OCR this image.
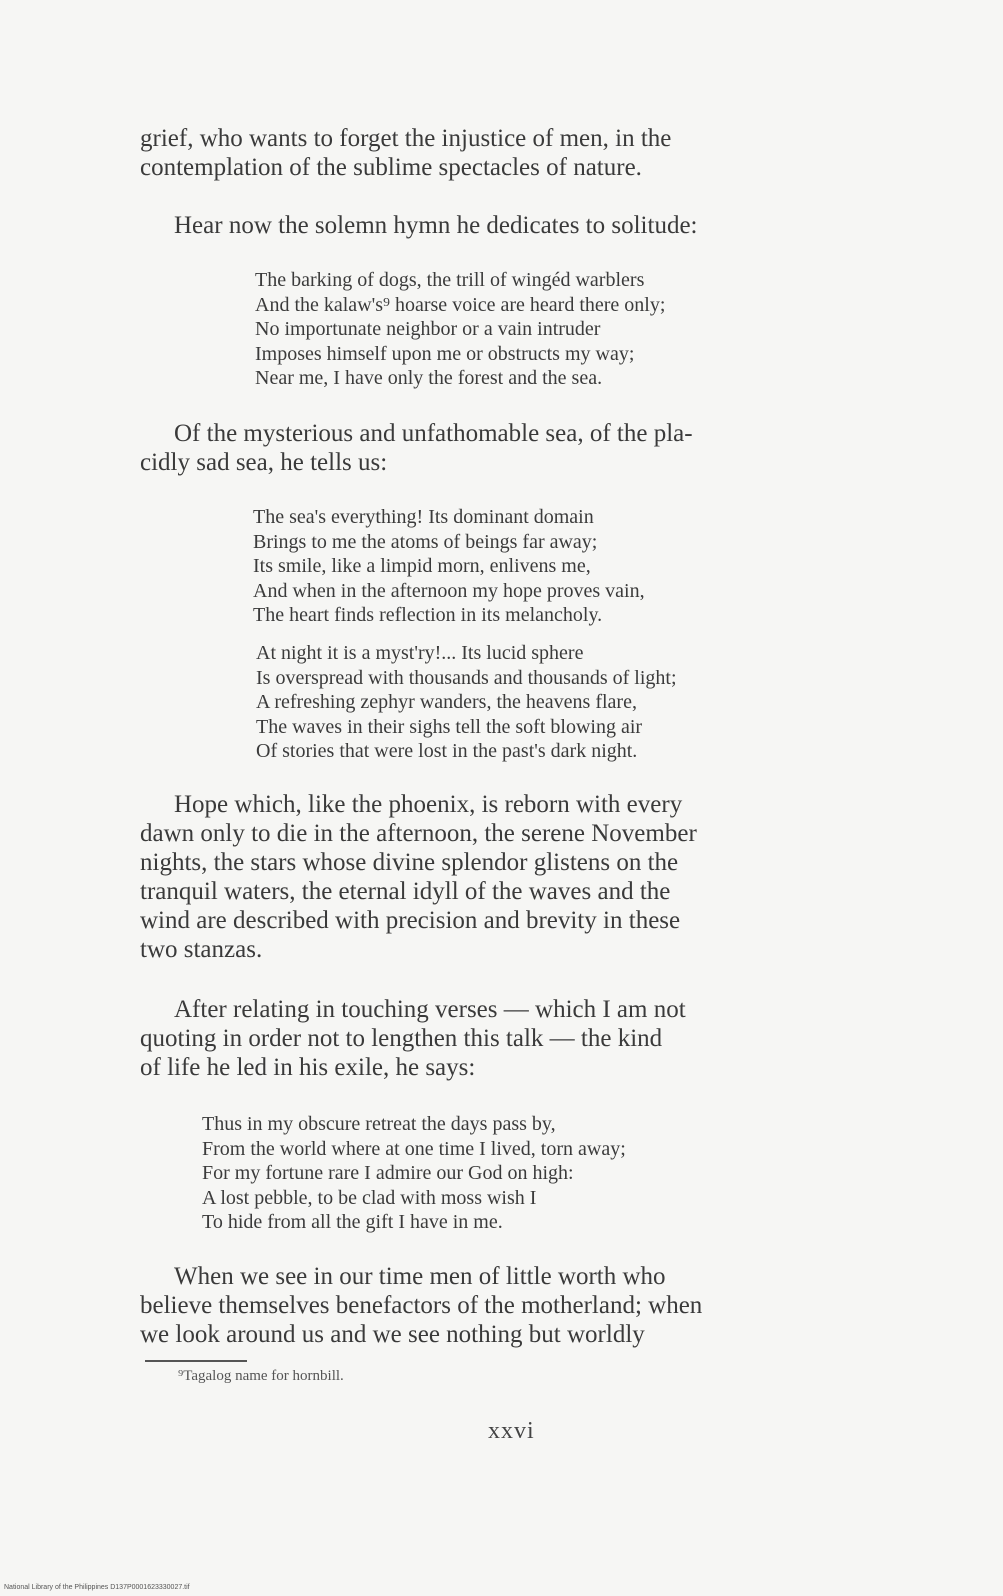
grief, who wants to forget the injustice of men, in the
contemplation of the sublime spectacles of nature.

Hear now the solemn hymn he dedicates to solitude:

The barking of dogs, the trill of wingéd warblers
And the kalaw's⁹ hoarse voice are heard there only;
No importunate neighbor or a vain intruder
Imposes himself upon me or obstructs my way;
Near me, I have only the forest and the sea.

Of the mysterious and unfathomable sea, of the pla-
cidly sad sea, he tells us:

The sea's everything! Its dominant domain
Brings to me the atoms of beings far away;
Its smile, like a limpid morn, enlivens me,
And when in the afternoon my hope proves vain,
The heart finds reflection in its melancholy.
At night it is a myst'ry!... Its lucid sphere
Is overspread with thousands and thousands of light;
A refreshing zephyr wanders, the heavens flare,
The waves in their sighs tell the soft blowing air
Of stories that were lost in the past's dark night.

Hope which, like the phoenix, is reborn with every
dawn only to die in the afternoon, the serene November
nights, the stars whose divine splendor glistens on the
tranquil waters, the eternal idyll of the waves and the
wind are described with precision and brevity in these
two stanzas.

After relating in touching verses — which I am not
quoting in order not to lengthen this talk — the kind
of life he led in his exile, he says:

Thus in my obscure retreat the days pass by,
From the world where at one time I lived, torn away;
For my fortune rare I admire our God on high:
A lost pebble, to be clad with moss wish I
To hide from all the gift I have in me.

When we see in our time men of little worth who
believe themselves benefactors of the motherland; when
we look around us and we see nothing but worldly

⁹Tagalog name for hornbill.
xxvi
National Library of the Philippines D137P0001623330027.tif
